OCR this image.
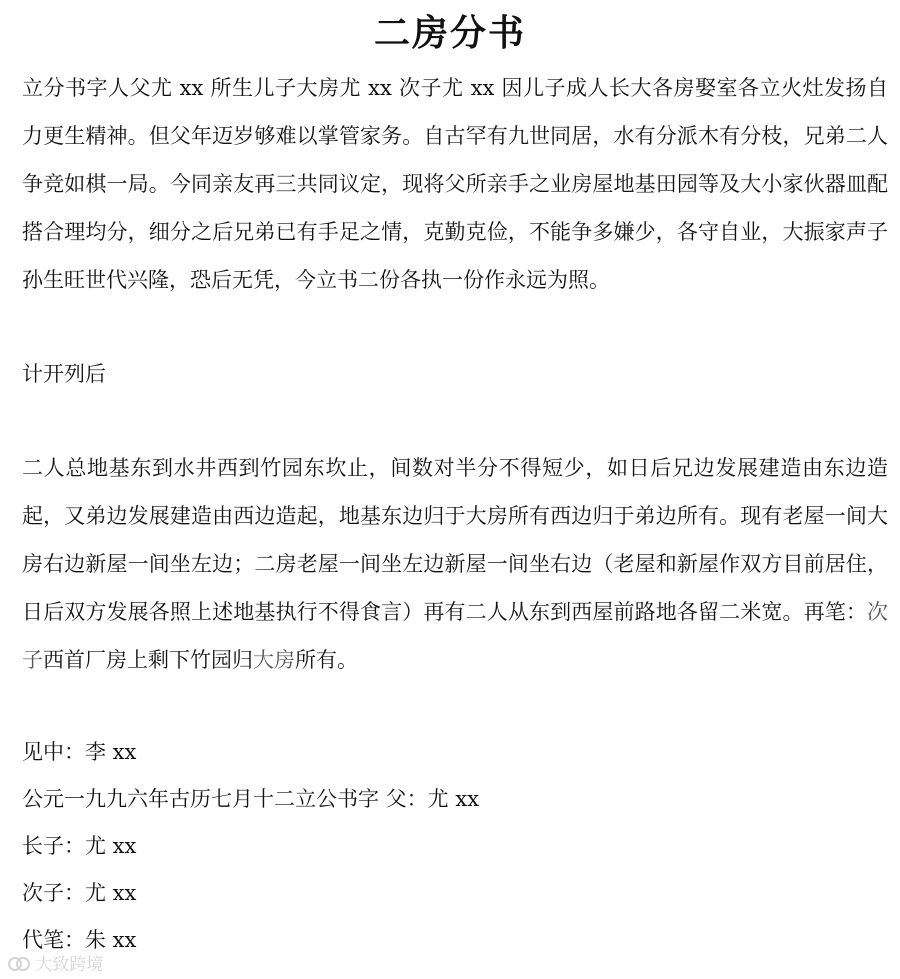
二房分书
立分书字人父尤 xx 所生儿子大房尤 xx 次子尤 xx 因儿子成人长大各房娶室各立火灶发扬自力更生精神。但父年迈岁够难以掌管家务。自古罕有九世同居，水有分派木有分枝，兄弟二人争竞如棋一局。今同亲友再三共同议定，现将父所亲手之业房屋地基田园等及大小家伙器皿配搭合理均分，细分之后兄弟已有手足之情，克勤克俭，不能争多嫌少，各守自业，大振家声子孙生旺世代兴隆，恐后无凭，今立书二份各执一份作永远为照。
计开列后
二人总地基东到水井西到竹园东坎止，间数对半分不得短少，如日后兄边发展建造由东边造起，又弟边发展建造由西边造起，地基东边归于大房所有西边归于弟边所有。现有老屋一间大房右边新屋一间坐左边；二房老屋一间坐左边新屋一间坐右边（老屋和新屋作双方目前居住，日后双方发展各照上述地基执行不得食言）再有二人从东到西屋前路地各留二米宽。再笔：次子西首厂房上剩下竹园归大房所有。
见中：李 xx
公元一九九六年古历七月十二立公书字 父：尤 xx
长子：尤 xx
次子：尤 xx
代笔：朱 xx
大致跨境
